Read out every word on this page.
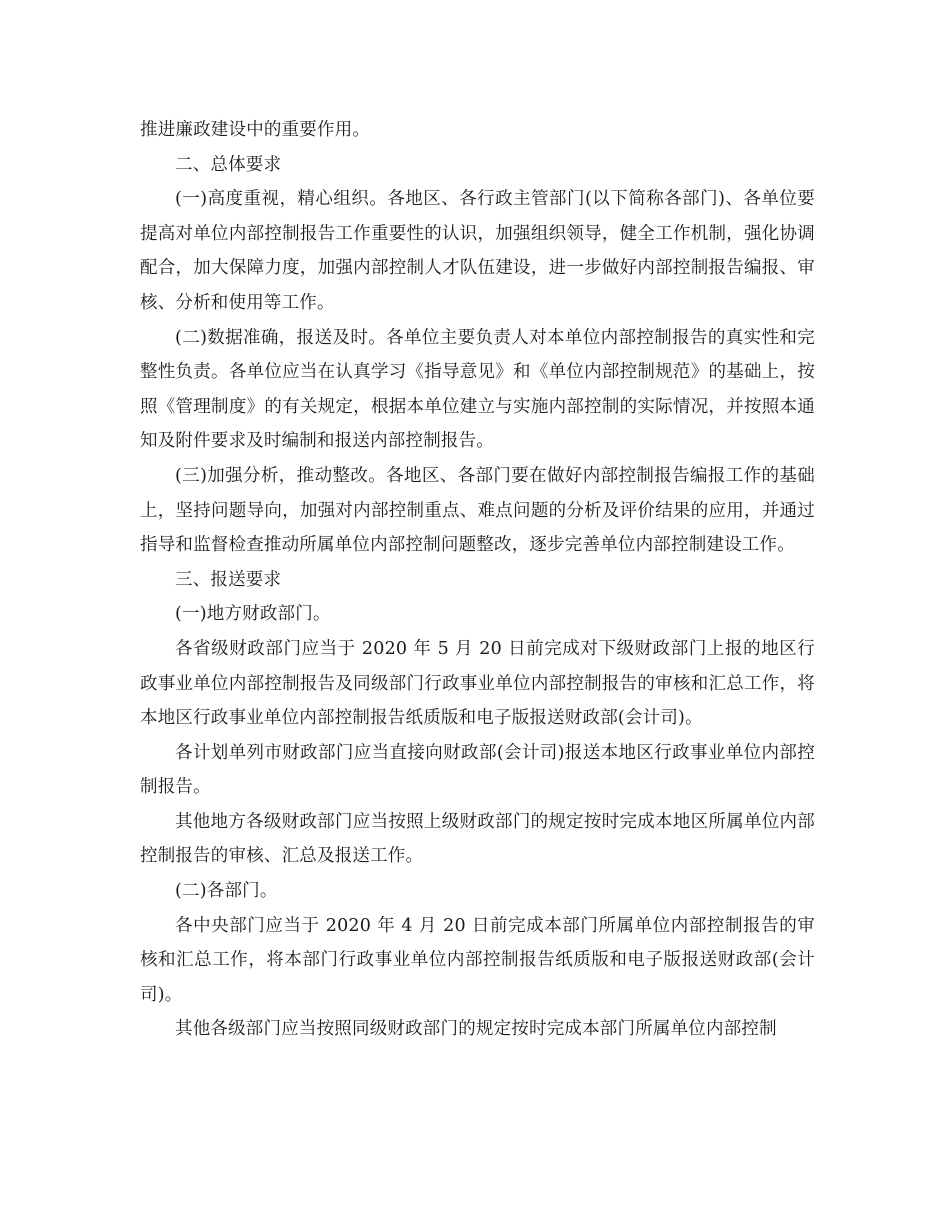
推进廉政建设中的重要作用。

二、总体要求

(一)高度重视，精心组织。各地区、各行政主管部门(以下简称各部门)、各单位要提高对单位内部控制报告工作重要性的认识，加强组织领导，健全工作机制，强化协调配合，加大保障力度，加强内部控制人才队伍建设，进一步做好内部控制报告编报、审核、分析和使用等工作。

(二)数据准确，报送及时。各单位主要负责人对本单位内部控制报告的真实性和完整性负责。各单位应当在认真学习《指导意见》和《单位内部控制规范》的基础上，按照《管理制度》的有关规定，根据本单位建立与实施内部控制的实际情况，并按照本通知及附件要求及时编制和报送内部控制报告。

(三)加强分析，推动整改。各地区、各部门要在做好内部控制报告编报工作的基础上，坚持问题导向，加强对内部控制重点、难点问题的分析及评价结果的应用，并通过指导和监督检查推动所属单位内部控制问题整改，逐步完善单位内部控制建设工作。

三、报送要求

(一)地方财政部门。

各省级财政部门应当于 2020 年 5 月 20 日前完成对下级财政部门上报的地区行政事业单位内部控制报告及同级部门行政事业单位内部控制报告的审核和汇总工作，将本地区行政事业单位内部控制报告纸质版和电子版报送财政部(会计司)。

各计划单列市财政部门应当直接向财政部(会计司)报送本地区行政事业单位内部控制报告。

其他地方各级财政部门应当按照上级财政部门的规定按时完成本地区所属单位内部控制报告的审核、汇总及报送工作。

(二)各部门。

各中央部门应当于 2020 年 4 月 20 日前完成本部门所属单位内部控制报告的审核和汇总工作，将本部门行政事业单位内部控制报告纸质版和电子版报送财政部(会计司)。

其他各级部门应当按照同级财政部门的规定按时完成本部门所属单位内部控制
